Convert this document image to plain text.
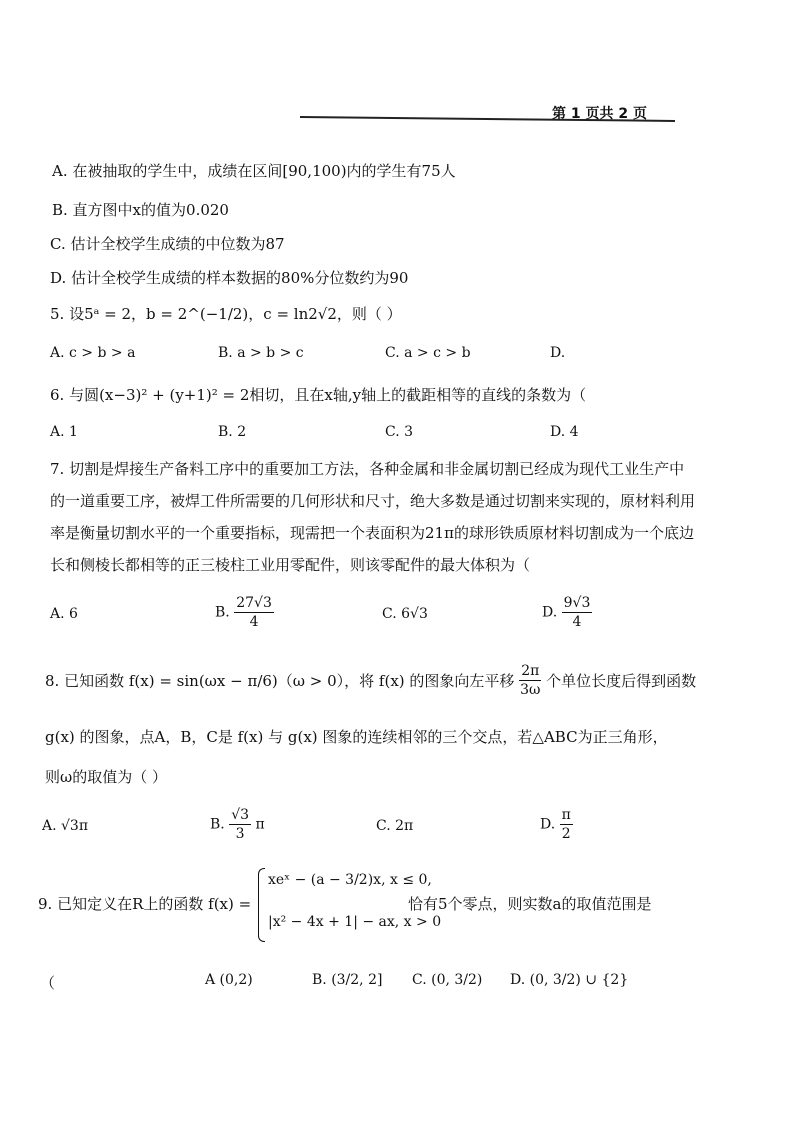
第 1 页共 2 页
A. 在被抽取的学生中，成绩在区间[90,100)内的学生有75人
B. 直方图中x的值为0.020
C. 估计全校学生成绩的中位数为87
D. 估计全校学生成绩的样本数据的80%分位数约为90
5. 设5ᵃ = 2，b = 2^(−1/2)，c = ln2√2，则（ ）
A. c > b > a	B. a > b > c	C. a > c > b	D.
6. 与圆(x−3)² + (y+1)² = 2相切，且在x轴,y轴上的截距相等的直线的条数为（
A. 1	B. 2	C. 3	D. 4
7. 切割是焊接生产备料工序中的重要加工方法，各种金属和非金属切割已经成为现代工业生产中
的一道重要工序，被焊工件所需要的几何形状和尺寸，绝大多数是通过切割来实现的，原材料利用
率是衡量切割水平的一个重要指标，现需把一个表面积为21π的球形铁质原材料切割成为一个底边
长和侧棱长都相等的正三棱柱工业用零配件，则该零配件的最大体积为（
A. 6	B. $\frac{27√3}{4}$	C. 6√3	D. $\frac{9√3}{4}$
8. 已知函数 f(x) = sin(ωx − π/6)（ω > 0），将 f(x) 的图象向左平移 $\frac{2\pi}{3\omega}$ 个单位长度后得到函数
g(x) 的图象，点A，B，C是 f(x) 与 g(x) 图象的连续相邻的三个交点，若△ABC为正三角形，
则ω的取值为（ ）
A. √3π	B. $\frac{√3}{3}$ π	C. 2π	D. $\frac{\pi}{2}$
9. 已知定义在R上的函数 f(x) =
xeˣ − (a − 3/2)x, x ≤ 0,
|x² − 4x + 1| − ax, x > 0
恰有5个零点，则实数a的取值范围是
（	A (0,2)	B. (3/2, 2] C. (0, 3/2) D. (0, 3/2) ∪ {2}
